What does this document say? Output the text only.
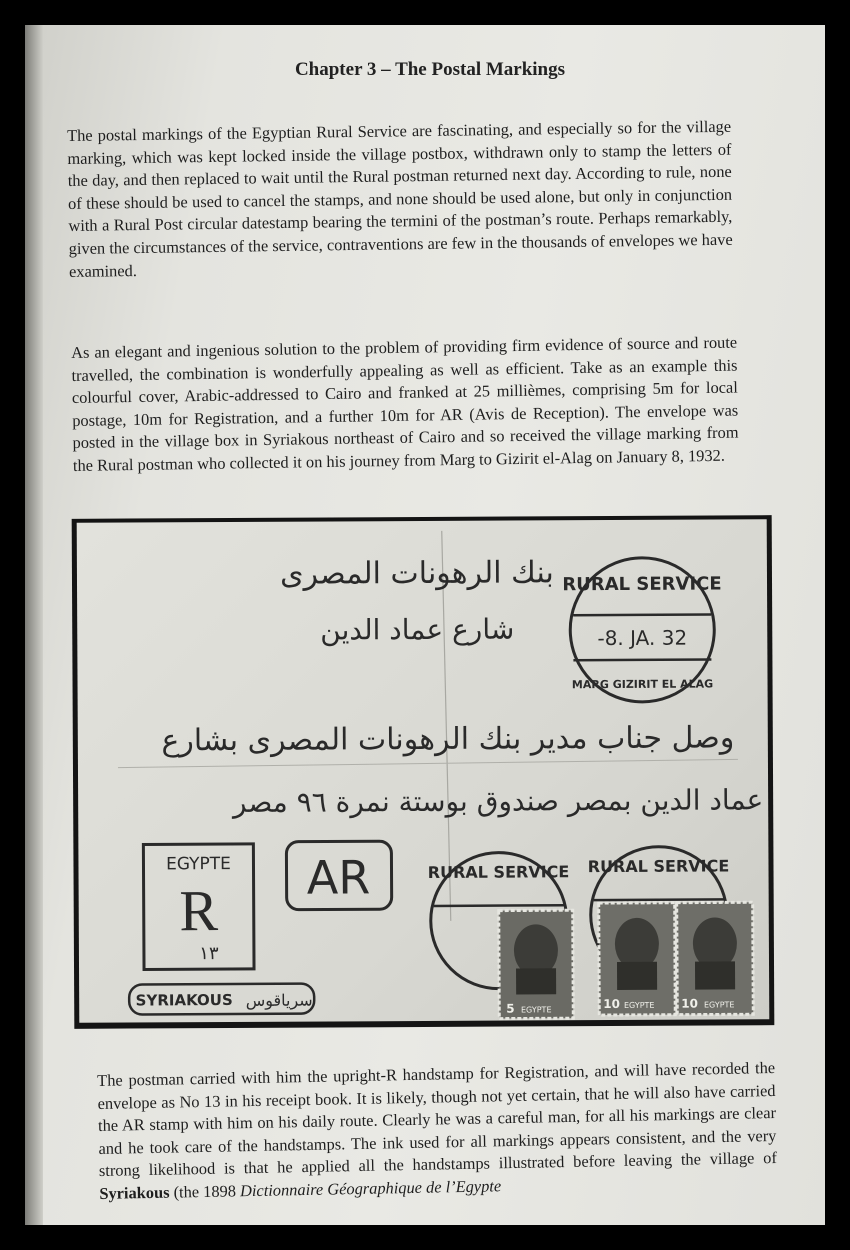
Chapter 3 – The Postal Markings

The postal markings of the Egyptian Rural Service are fascinating, and especially so for the village marking, which was kept locked inside the village postbox, withdrawn only to stamp the letters of the day, and then replaced to wait until the Rural postman returned next day. According to rule, none of these should be used to cancel the stamps, and none should be used alone, but only in conjunction with a Rural Post circular datestamp bearing the termini of the postman’s route. Perhaps remarkably, given the circumstances of the service, contraventions are few in the thousands of envelopes we have examined.

As an elegant and ingenious solution to the problem of providing firm evidence of source and route travelled, the combination is wonderfully appealing as well as efficient. Take as an example this colourful cover, Arabic-addressed to Cairo and franked at 25 millièmes, comprising 5m for local postage, 10m for Registration, and a further 10m for AR (Avis de Reception). The envelope was posted in the village box in Syriakous northeast of Cairo and so received the village marking from the Rural postman who collected it on his journey from Marg to Gizirit el-Alag on January 8, 1932.

بنك الرهونات المصرى
شارع عماد الدين
وصل جناب مدير بنك الرهونات المصرى بشارع
عماد الدين بمصر صندوق بوستة نمرة ٩٦ مصر
RURAL SERVICE
-8. JA. 32
MARG GIZIRIT EL ALAG
EGYPTE
R
١٣
AR
SYRIAKOUS سرياقوس
RURAL SERVICE RURAL SERVICE
5 EGYPTE	10 EGYPTE 10 EGYPTE

The postman carried with him the upright-R handstamp for Registration, and will have recorded the envelope as No 13 in his receipt book. It is likely, though not yet certain, that he will also have carried the AR stamp with him on his daily route. Clearly he was a careful man, for all his markings are clear and he took care of the handstamps. The ink used for all markings appears consistent, and the very strong likelihood is that he applied all the handstamps illustrated before leaving the village of Syriakous (the 1898 Dictionnaire Géographique de l’Egypte
